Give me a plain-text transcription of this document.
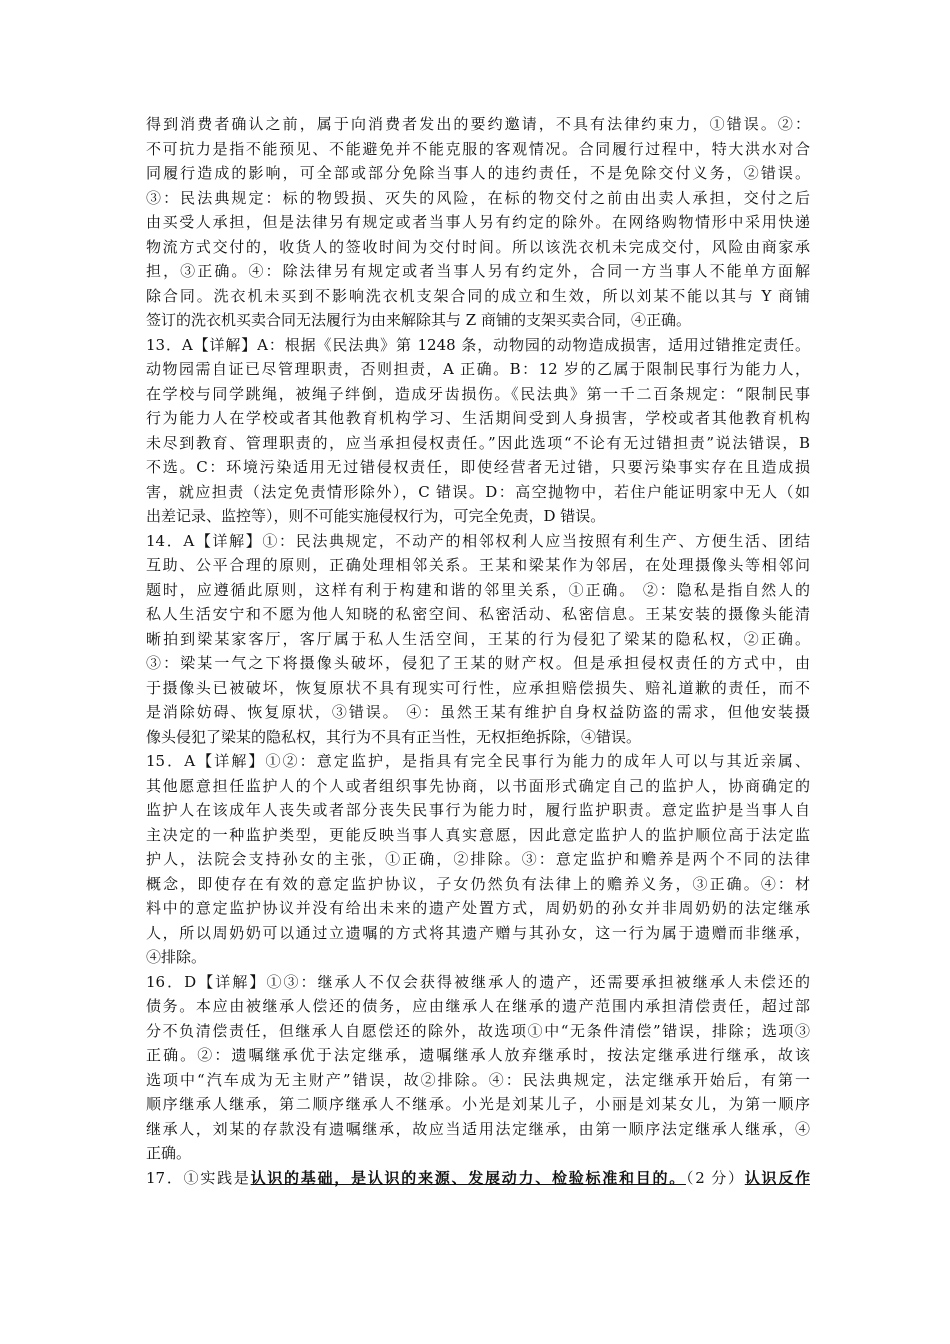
得到消费者确认之前，属于向消费者发出的要约邀请，不具有法律约束力，①错误。②：
不可抗力是指不能预见、不能避免并不能克服的客观情况。合同履行过程中，特大洪水对合
同履行造成的影响，可全部或部分免除当事人的违约责任，不是免除交付义务，②错误。
③：民法典规定：标的物毁损、灭失的风险，在标的物交付之前由出卖人承担，交付之后
由买受人承担，但是法律另有规定或者当事人另有约定的除外。在网络购物情形中采用快递
物流方式交付的，收货人的签收时间为交付时间。所以该洗衣机未完成交付，风险由商家承
担，③正确。④：除法律另有规定或者当事人另有约定外，合同一方当事人不能单方面解
除合同。洗衣机未买到不影响洗衣机支架合同的成立和生效，所以刘某不能以其与 Y 商铺
签订的洗衣机买卖合同无法履行为由来解除其与 Z 商铺的支架买卖合同，④正确。
13．A【详解】A：根据《民法典》第 1248 条，动物园的动物造成损害，适用过错推定责任。
动物园需自证已尽管理职责，否则担责，A 正确。B：12 岁的乙属于限制民事行为能力人，
在学校与同学跳绳，被绳子绊倒，造成牙齿损伤。《民法典》第一千二百条规定：“限制民事
行为能力人在学校或者其他教育机构学习、生活期间受到人身损害，学校或者其他教育机构
未尽到教育、管理职责的，应当承担侵权责任。”因此选项“不论有无过错担责”说法错误，B
不选。C：环境污染适用无过错侵权责任，即使经营者无过错，只要污染事实存在且造成损
害，就应担责（法定免责情形除外），C 错误。D：高空抛物中，若住户能证明家中无人（如
出差记录、监控等），则不可能实施侵权行为，可完全免责，D 错误。
14．A【详解】①：民法典规定，不动产的相邻权利人应当按照有利生产、方便生活、团结
互助、公平合理的原则，正确处理相邻关系。王某和梁某作为邻居，在处理摄像头等相邻问
题时，应遵循此原则，这样有利于构建和谐的邻里关系，①正确。 ②：隐私是指自然人的
私人生活安宁和不愿为他人知晓的私密空间、私密活动、私密信息。王某安装的摄像头能清
晰拍到梁某家客厅，客厅属于私人生活空间，王某的行为侵犯了梁某的隐私权，②正确。
③：梁某一气之下将摄像头破坏，侵犯了王某的财产权。但是承担侵权责任的方式中，由
于摄像头已被破坏，恢复原状不具有现实可行性，应承担赔偿损失、赔礼道歉的责任，而不
是消除妨碍、恢复原状，③错误。 ④：虽然王某有维护自身权益防盗的需求，但他安装摄
像头侵犯了梁某的隐私权，其行为不具有正当性，无权拒绝拆除，④错误。
15．A【详解】①②：意定监护，是指具有完全民事行为能力的成年人可以与其近亲属、
其他愿意担任监护人的个人或者组织事先协商，以书面形式确定自己的监护人，协商确定的
监护人在该成年人丧失或者部分丧失民事行为能力时，履行监护职责。意定监护是当事人自
主决定的一种监护类型，更能反映当事人真实意愿，因此意定监护人的监护顺位高于法定监
护人，法院会支持孙女的主张，①正确，②排除。③：意定监护和赡养是两个不同的法律
概念，即使存在有效的意定监护协议，子女仍然负有法律上的赡养义务，③正确。④：材
料中的意定监护协议并没有给出未来的遗产处置方式，周奶奶的孙女并非周奶奶的法定继承
人，所以周奶奶可以通过立遗嘱的方式将其遗产赠与其孙女，这一行为属于遗赠而非继承，
④排除。
16．D【详解】①③：继承人不仅会获得被继承人的遗产，还需要承担被继承人未偿还的
债务。本应由被继承人偿还的债务，应由继承人在继承的遗产范围内承担清偿责任，超过部
分不负清偿责任，但继承人自愿偿还的除外，故选项①中“无条件清偿”错误，排除；选项③
正确。②：遗嘱继承优于法定继承，遗嘱继承人放弃继承时，按法定继承进行继承，故该
选项中“汽车成为无主财产”错误，故②排除。④：民法典规定，法定继承开始后，有第一
顺序继承人继承，第二顺序继承人不继承。小光是刘某儿子，小丽是刘某女儿，为第一顺序
继承人，刘某的存款没有遗嘱继承，故应当适用法定继承，由第一顺序法定继承人继承，④
正确。
17．①实践是认识的基础，是认识的来源、发展动力、检验标准和目的。（2 分）认识反作
